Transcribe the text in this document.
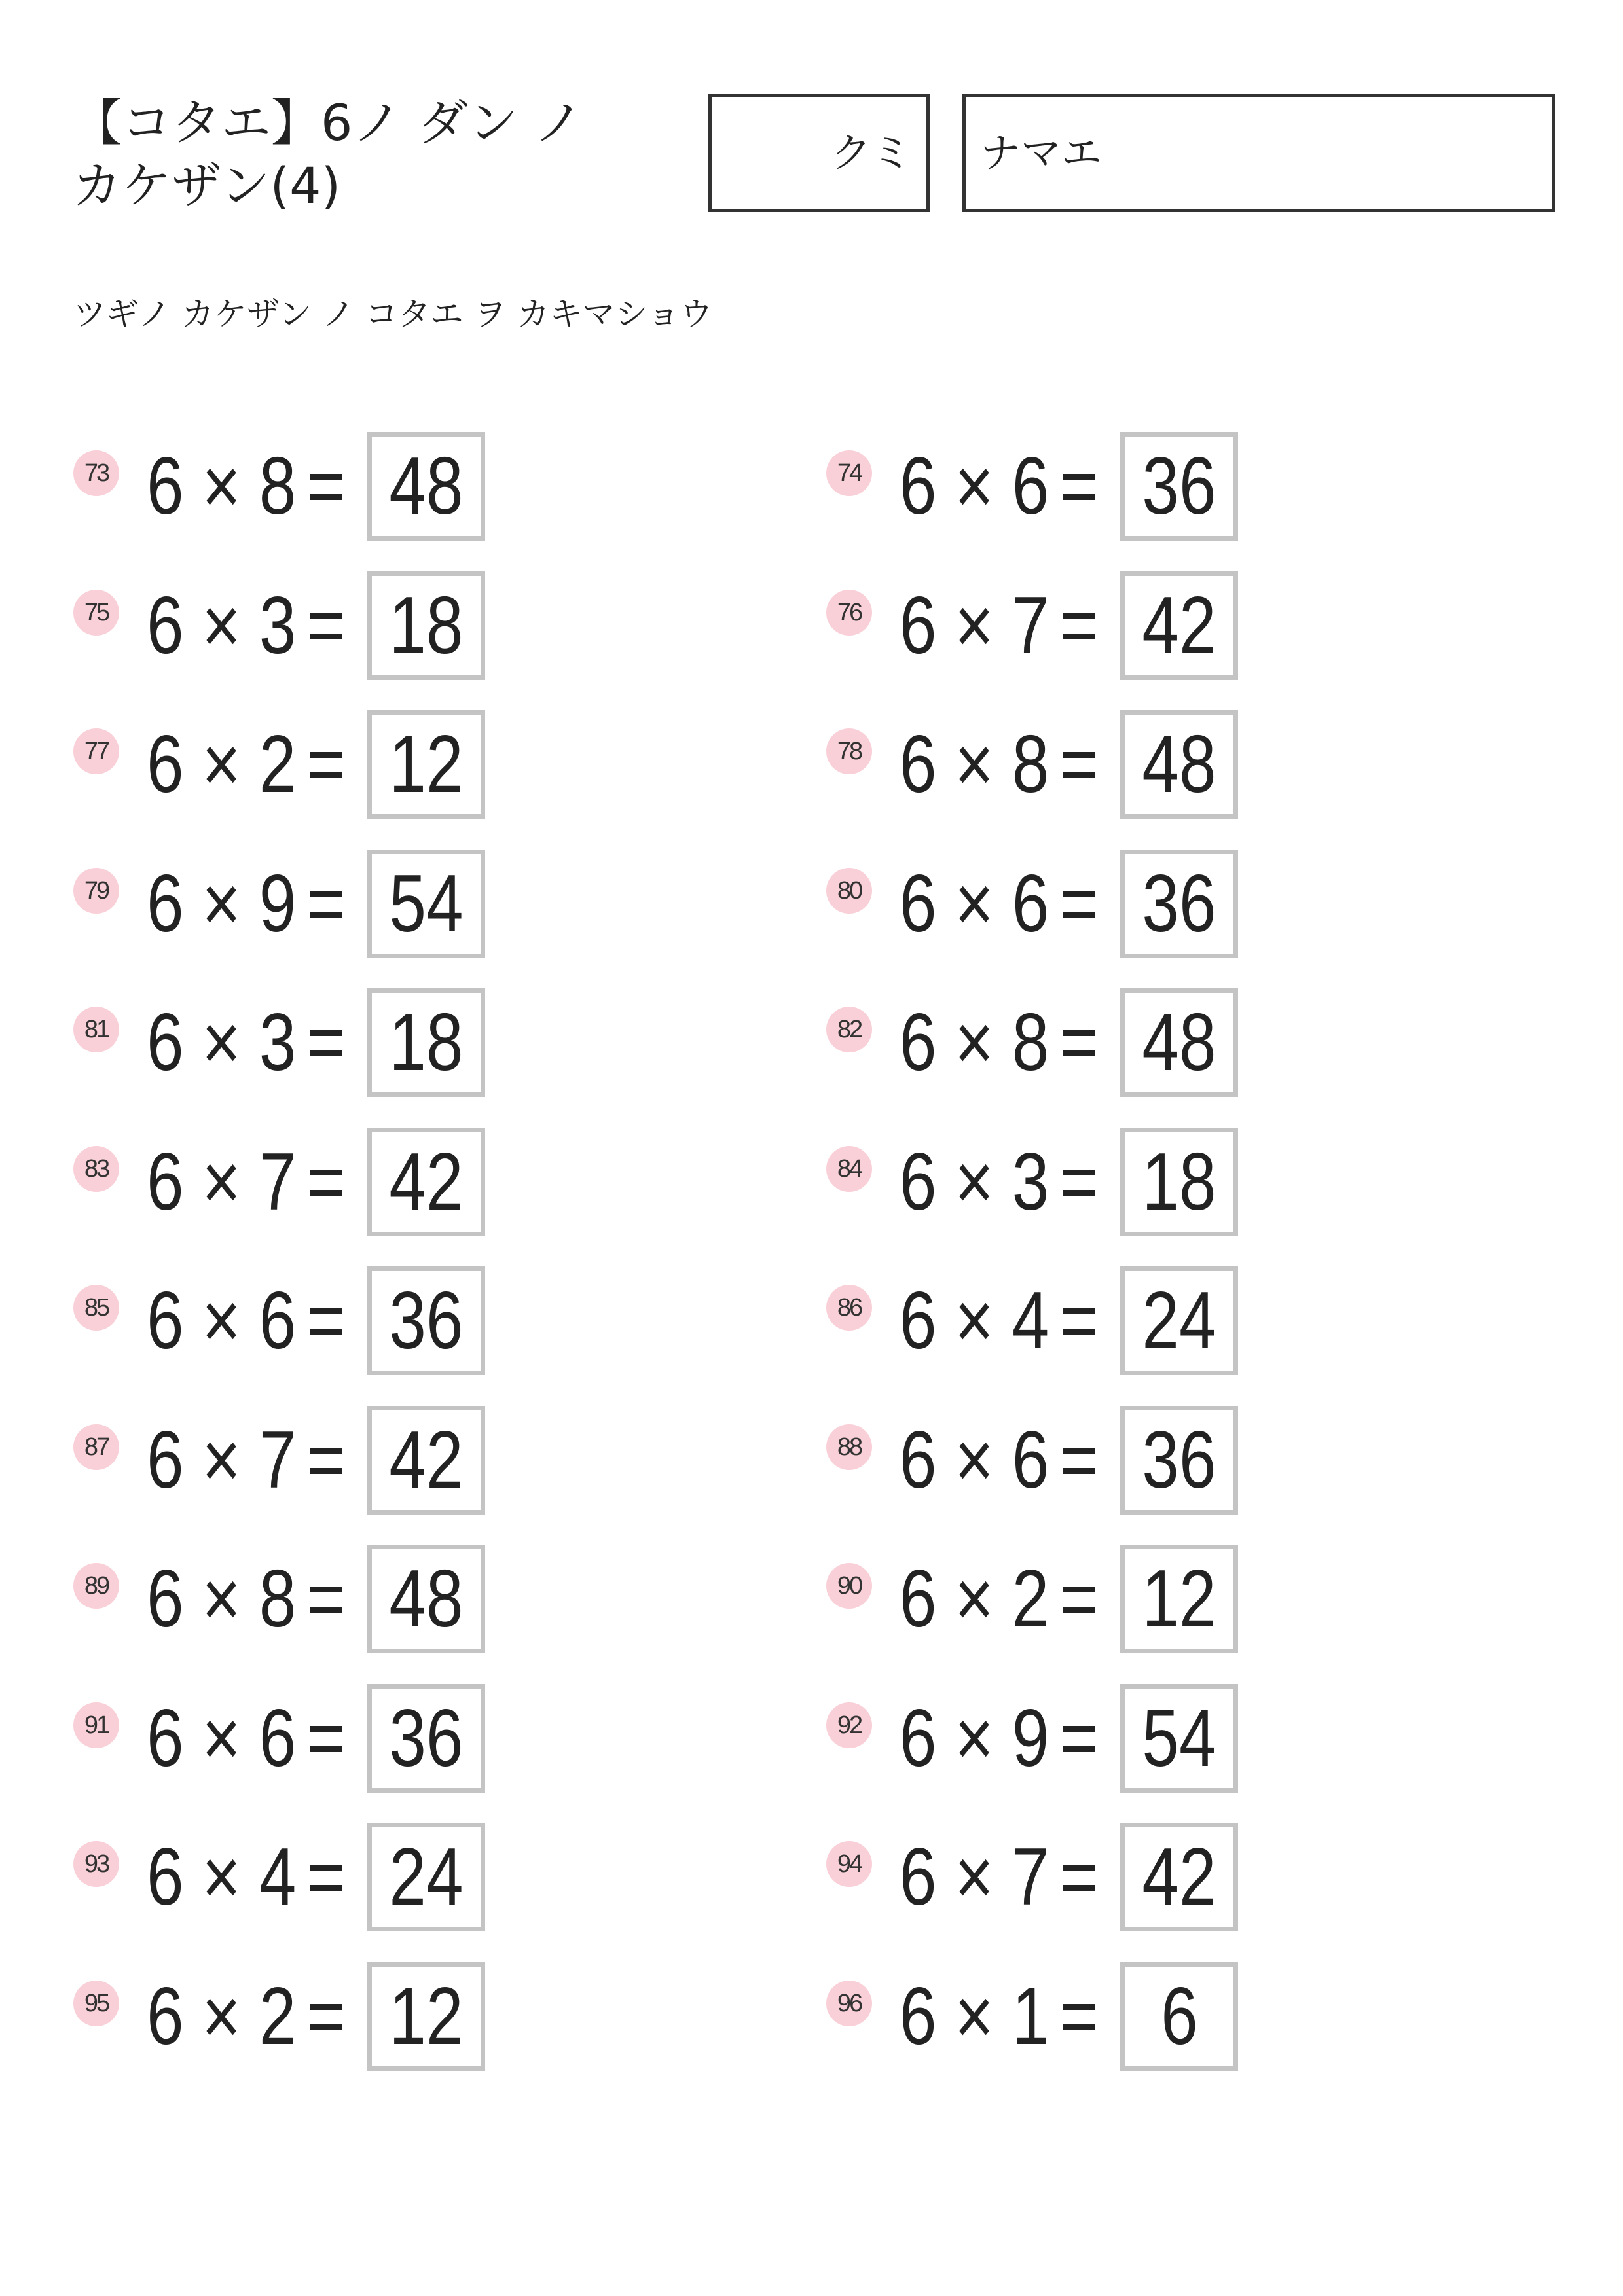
【コタエ】6ノ ダン ノ
カケザン(4)
クミ ナマエ
ツギノ カケザン ノ コタエ ヲ カキマショウ
73 6 × 8 = 48	74 6 × 6 = 36
75 6 × 3 = 18	76 6 × 7 = 42
77 6 × 2 = 12	78 6 × 8 = 48
79 6 × 9 = 54	80 6 × 6 = 36
81 6 × 3 = 18	82 6 × 8 = 48
83 6 × 7 = 42	84 6 × 3 = 18
85 6 × 6 = 36	86 6 × 4 = 24
87 6 × 7 = 42	88 6 × 6 = 36
89 6 × 8 = 48	90 6 × 2 = 12
91 6 × 6 = 36	92 6 × 9 = 54
93 6 × 4 = 24	94 6 × 7 = 42
95 6 × 2 = 12	96 6 × 1 = 6
